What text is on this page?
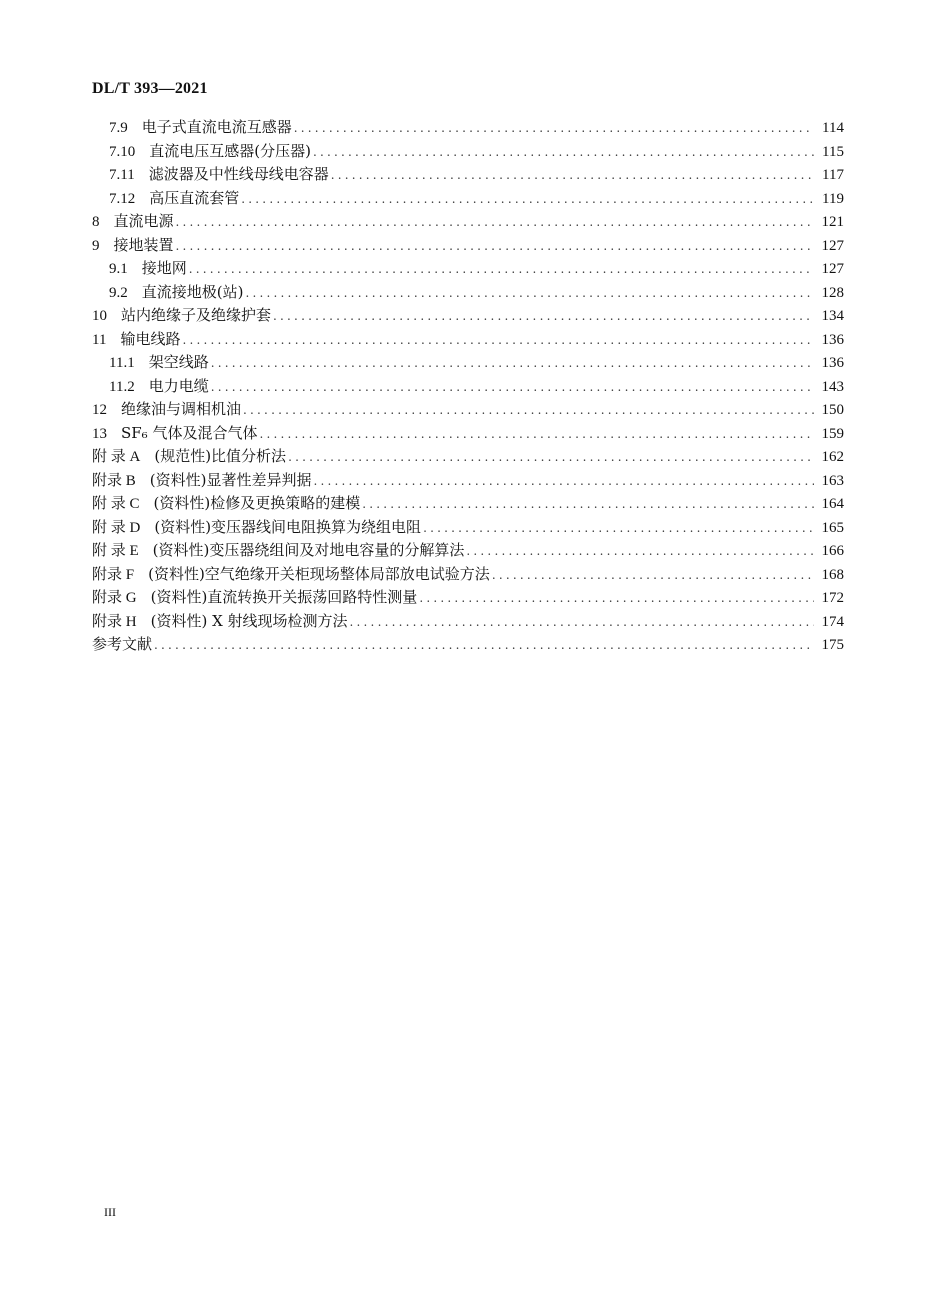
DL/T 393—2021
7.9 电子式直流电流互感器 .....	114
7.10 直流电压互感器(分压器) .....	115
7.11 滤波器及中性线母线电容器 .....	117
7.12 高压直流套管 .....	119
8 直流电源 .....	121
9 接地装置 .....	127
9.1 接地网 .....	127
9.2 直流接地极(站) .....	128
10 站内绝缘子及绝缘护套 .....	134
11 输电线路 .....	136
11.1 架空线路 .....	136
11.2 电力电缆 .....	143
12 绝缘油与调相机油 .....	150
13 SF₆ 气体及混合气体 .....	159
附 录 A (规范性)比值分析法 .....	162
附录 B (资料性)显著性差异判据 .....	163
附 录 C (资料性)检修及更换策略的建模 .....	164
附 录 D (资料性)变压器线间电阻换算为绕组电阻 .....	165
附 录 E (资料性)变压器绕组间及对地电容量的分解算法 .....	166
附录 F (资料性)空气绝缘开关柜现场整体局部放电试验方法 .....	168
附录 G (资料性)直流转换开关振荡回路特性测量 .....	172
附录 H (资料性) X 射线现场检测方法 .....	174
参考文献 .....	175
III
